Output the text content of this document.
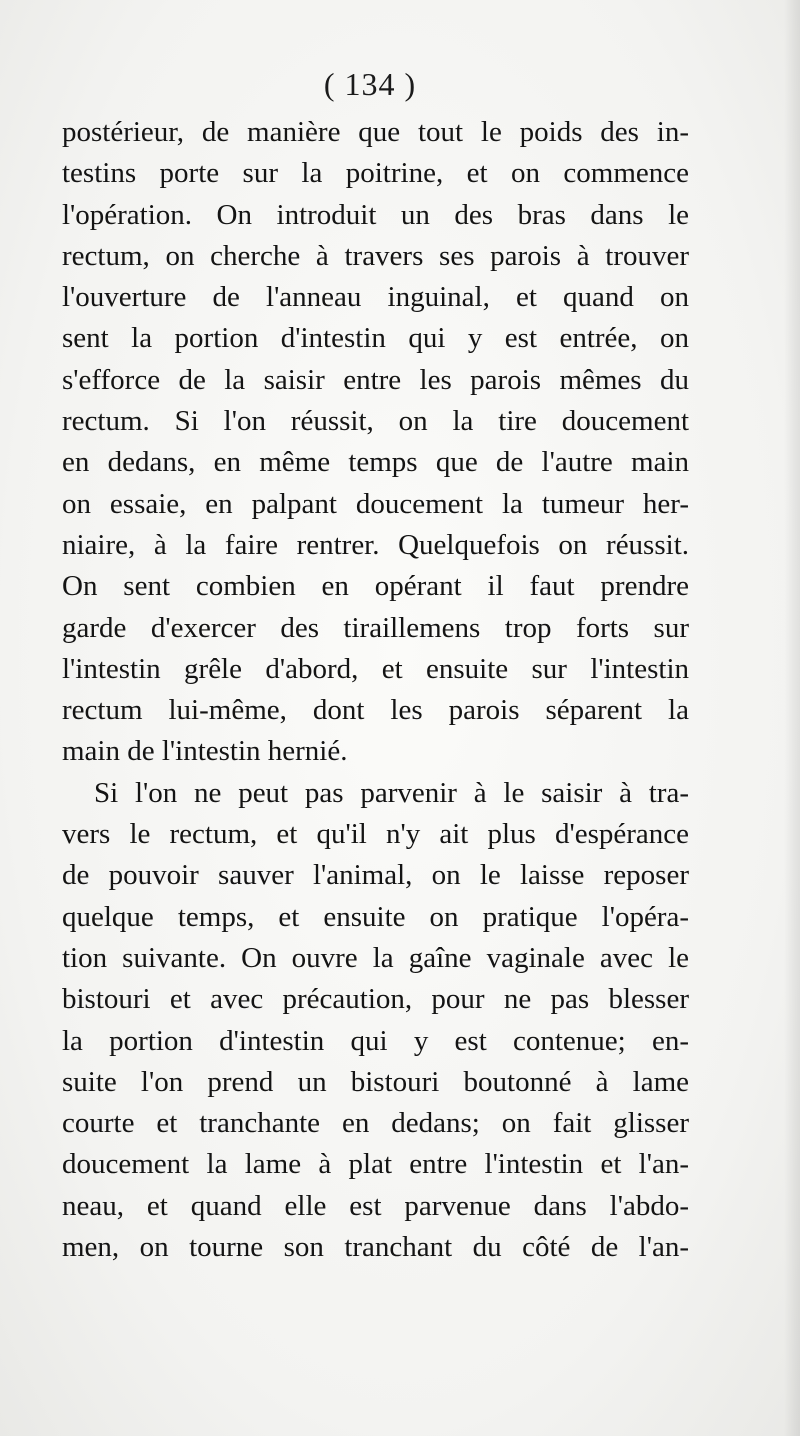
( 134 )
postérieur, de manière que tout le poids des in-
testins porte sur la poitrine, et on commence
l'opération. On introduit un des bras dans le
rectum, on cherche à travers ses parois à trouver
l'ouverture de l'anneau inguinal, et quand on
sent la portion d'intestin qui y est entrée, on
s'efforce de la saisir entre les parois mêmes du
rectum. Si l'on réussit, on la tire doucement
en dedans, en même temps que de l'autre main
on essaie, en palpant doucement la tumeur her-
niaire, à la faire rentrer. Quelquefois on réussit.
On sent combien en opérant il faut prendre
garde d'exercer des tiraillemens trop forts sur
l'intestin grêle d'abord, et ensuite sur l'intestin
rectum lui-même, dont les parois séparent la
main de l'intestin hernié.
Si l'on ne peut pas parvenir à le saisir à tra-
vers le rectum, et qu'il n'y ait plus d'espérance
de pouvoir sauver l'animal, on le laisse reposer
quelque temps, et ensuite on pratique l'opéra-
tion suivante. On ouvre la gaîne vaginale avec le
bistouri et avec précaution, pour ne pas blesser
la portion d'intestin qui y est contenue; en-
suite l'on prend un bistouri boutonné à lame
courte et tranchante en dedans; on fait glisser
doucement la lame à plat entre l'intestin et l'an-
neau, et quand elle est parvenue dans l'abdo-
men, on tourne son tranchant du côté de l'an-
